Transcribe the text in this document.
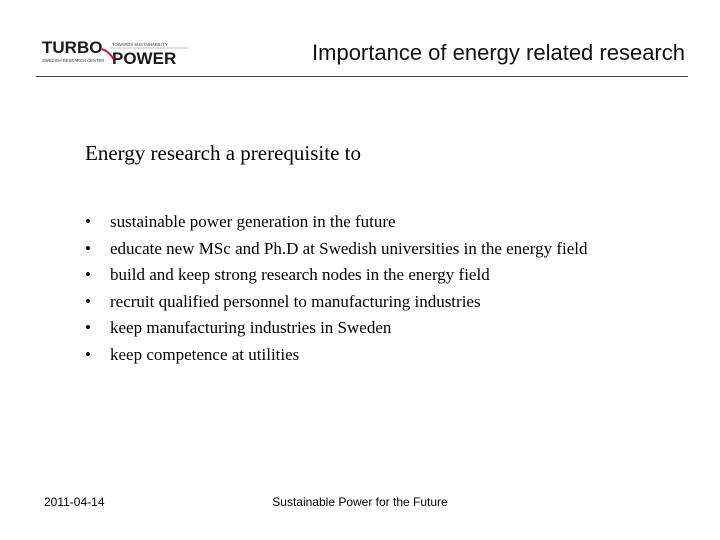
TURBO
POWER
TOWARDS SUSTAINABILITY
SWEDISH RESEARCH CENTER	Importance of energy related research
Energy research a prerequisite to
• sustainable power generation in the future
• educate new MSc and Ph.D at Swedish universities in the energy field
• build and keep strong research nodes in the energy field
• recruit qualified personnel to manufacturing industries
• keep manufacturing industries in Sweden
• keep competence at utilities
2011-04-14	Sustainable Power for the Future
